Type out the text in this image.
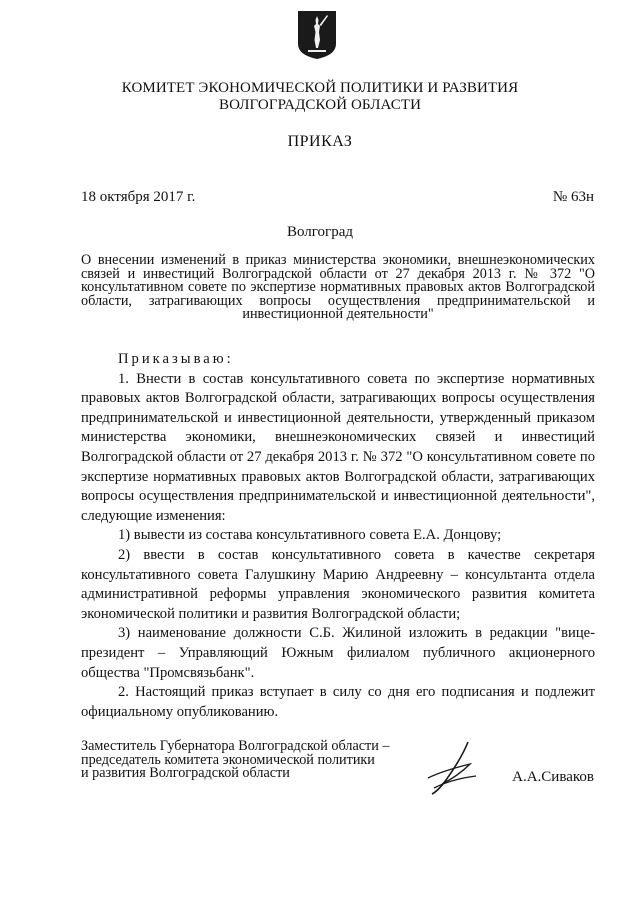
КОМИТЕТ ЭКОНОМИЧЕСКОЙ ПОЛИТИКИ И РАЗВИТИЯ
ВОЛГОГРАДСКОЙ ОБЛАСТИ
ПРИКАЗ
18 октября 2017 г.	№ 63н
Волгоград
О внесении изменений в приказ министерства экономики, внешнеэкономических связей и инвестиций Волгоградской области от 27 декабря 2013 г. № 372 "О консультативном совете по экспертизе нормативных правовых актов Волгоградской области, затрагивающих вопросы осуществления предпринимательской и инвестиционной деятельности"

Приказываю:

1. Внести в состав консультативного совета по экспертизе нормативных правовых актов Волгоградской области, затрагивающих вопросы осуществления предпринимательской и инвестиционной деятельности, утвержденный приказом министерства экономики, внешнеэкономических связей и инвестиций Волгоградской области от 27 декабря 2013 г. № 372 "О консультативном совете по экспертизе нормативных правовых актов Волгоградской области, затрагивающих вопросы осуществления предпринимательской и инвестиционной деятельности", следующие изменения:

1) вывести из состава консультативного совета Е.А. Донцову;

2) ввести в состав консультативного совета в качестве секретаря консультативного совета Галушкину Марию Андреевну – консультанта отдела административной реформы управления экономического развития комитета экономической политики и развития Волгоградской области;

3) наименование должности С.Б. Жилиной изложить в редакции "вице-президент – Управляющий Южным филиалом публичного акционерного общества "Промсвязьбанк".

2. Настоящий приказ вступает в силу со дня его подписания и подлежит официальному опубликованию.

Заместитель Губернатора Волгоградской области –
председатель комитета экономической политики
и развития Волгоградской области	А.А.Сиваков
